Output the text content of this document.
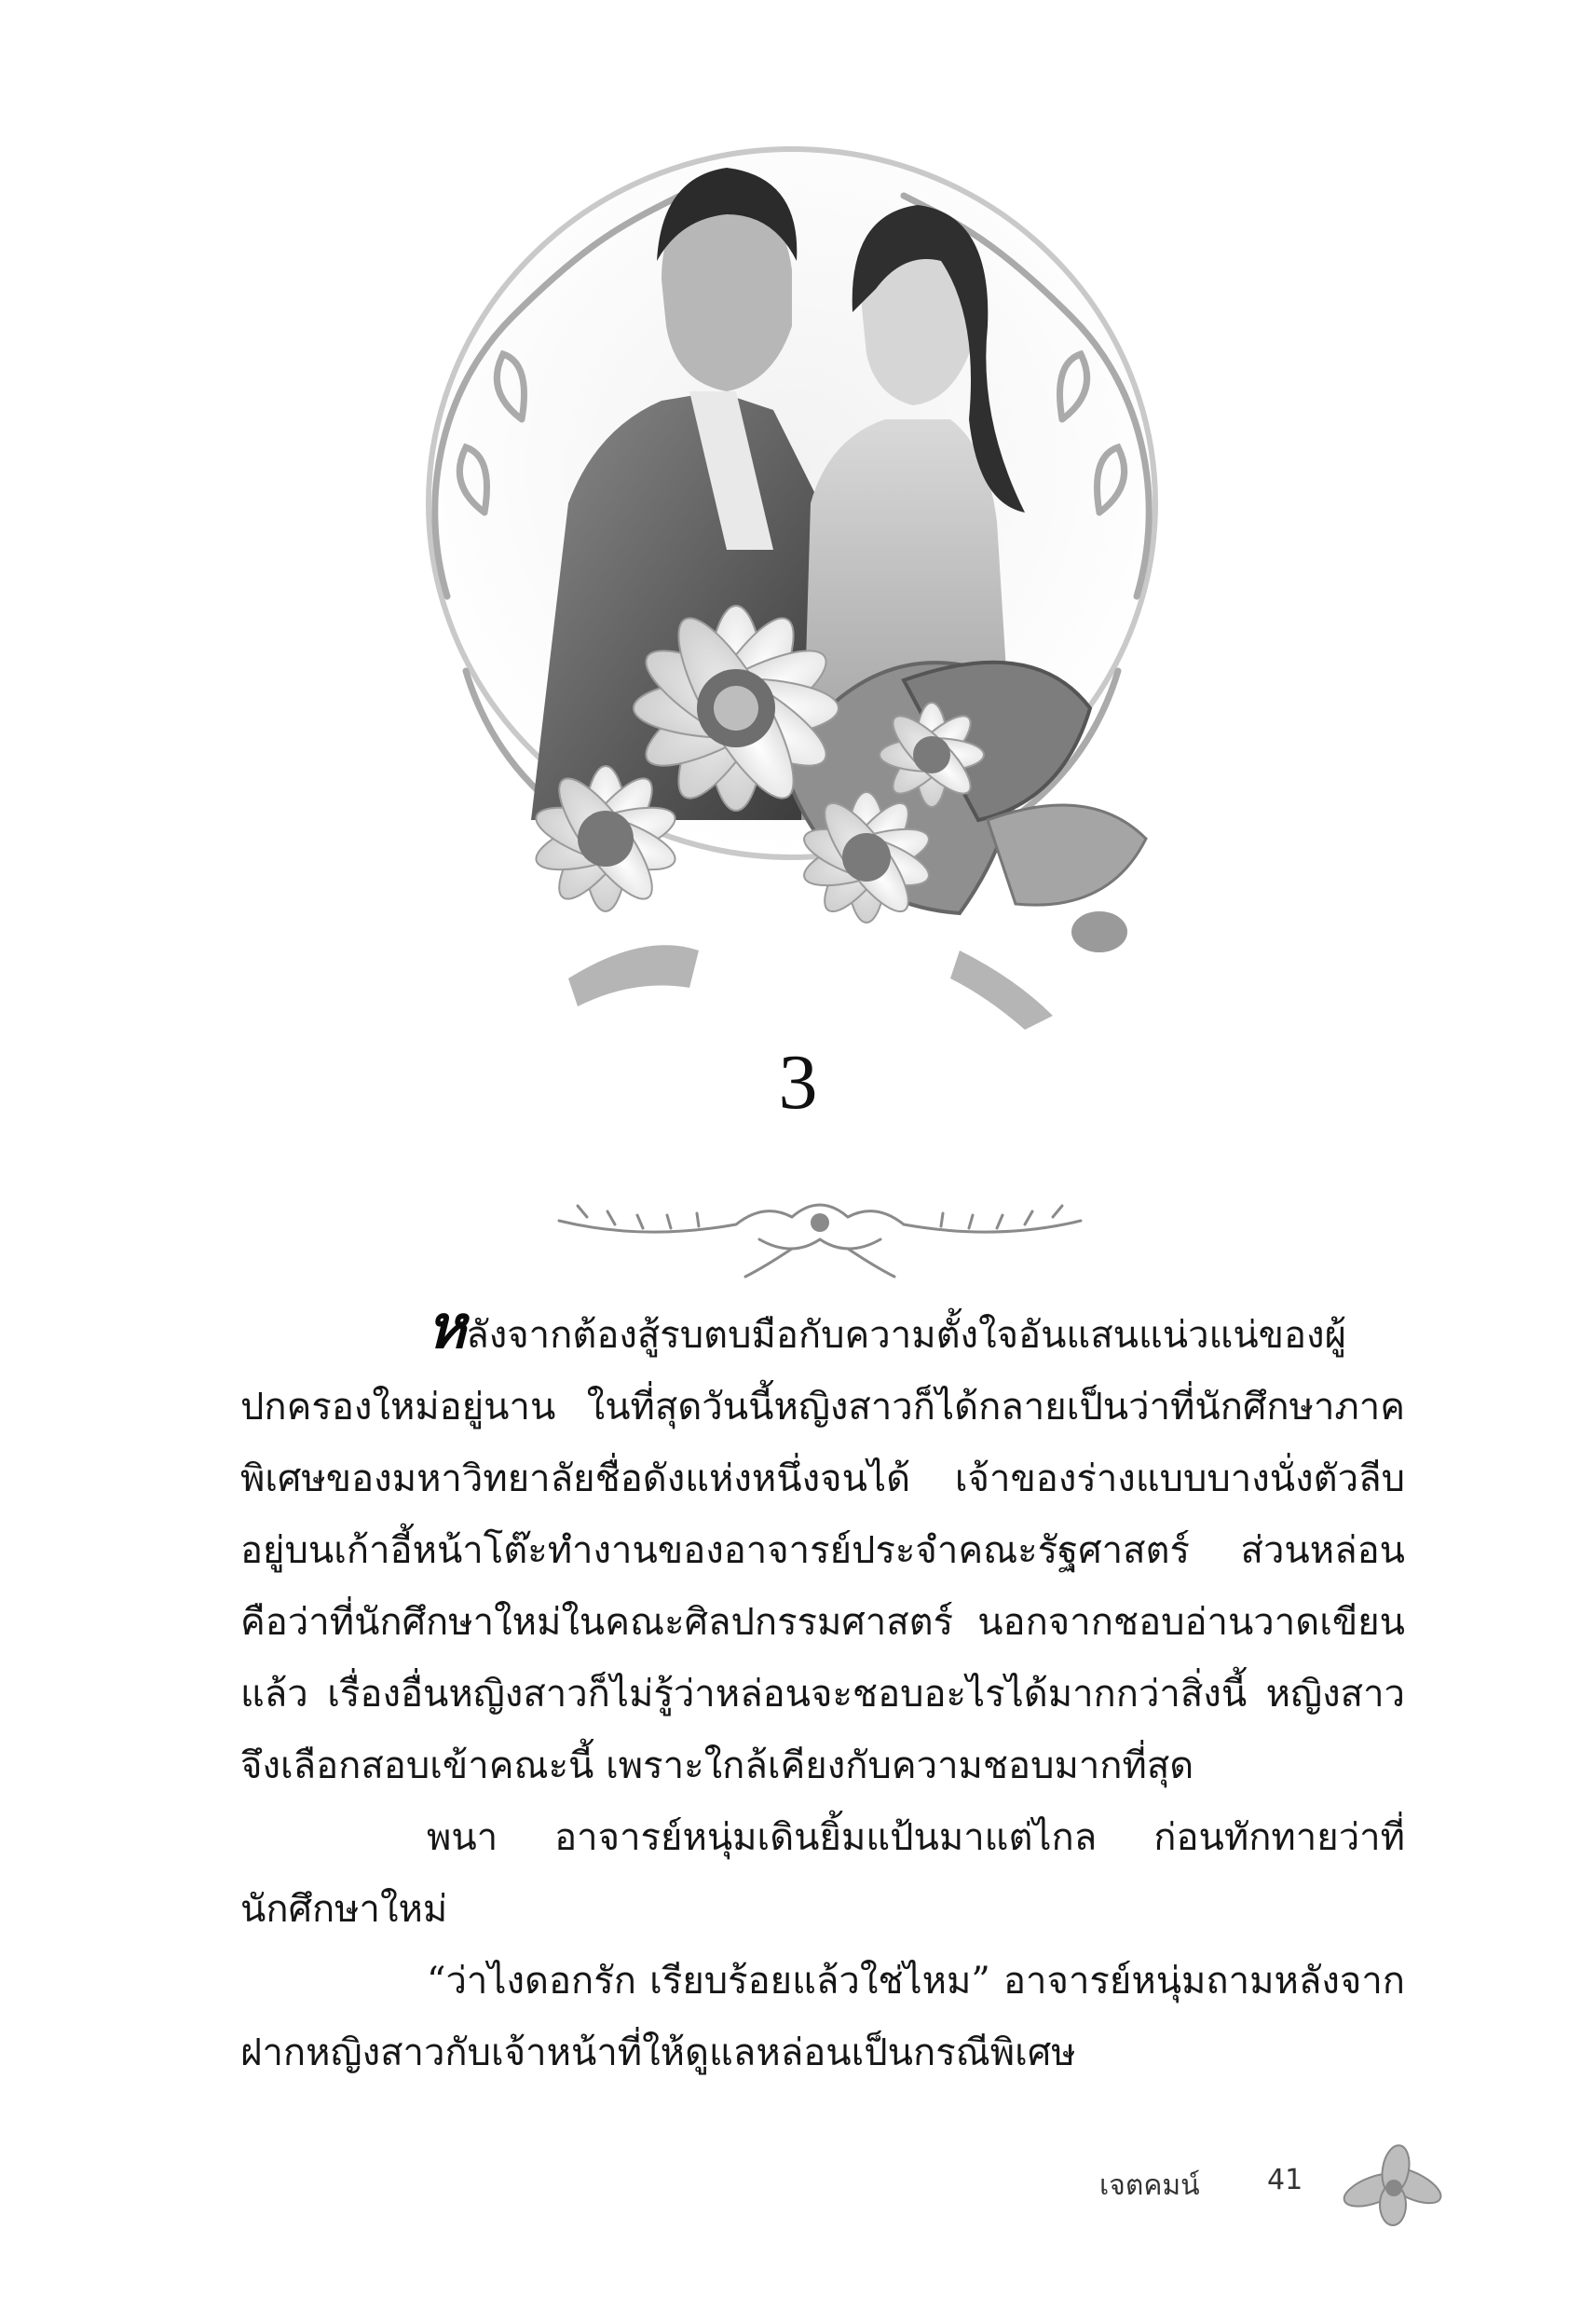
3

หลังจากต้องสู้รบตบมือกับความตั้งใจอันแสนแน่วแน่ของผู้ปกครองใหม่อยู่นาน ในที่สุดวันนี้หญิงสาวก็ได้กลายเป็นว่าที่นักศึกษาภาคพิเศษของมหาวิทยาลัยชื่อดังแห่งหนึ่งจนได้ เจ้าของร่างแบบบางนั่งตัวลีบอยู่บนเก้าอี้หน้าโต๊ะทำงานของอาจารย์ประจำคณะรัฐศาสตร์ ส่วนหล่อนคือว่าที่นักศึกษาใหม่ในคณะศิลปกรรมศาสตร์ นอกจากชอบอ่านวาดเขียนแล้ว เรื่องอื่นหญิงสาวก็ไม่รู้ว่าหล่อนจะชอบอะไรได้มากกว่าสิ่งนี้ หญิงสาวจึงเลือกสอบเข้าคณะนี้ เพราะใกล้เคียงกับความชอบมากที่สุด

พนา อาจารย์หนุ่มเดินยิ้มแป้นมาแต่ไกล ก่อนทักทายว่าที่นักศึกษาใหม่

“ว่าไงดอกรัก เรียบร้อยแล้วใช่ไหม” อาจารย์หนุ่มถามหลังจากฝากหญิงสาวกับเจ้าหน้าที่ให้ดูแลหล่อนเป็นกรณีพิเศษ

เจตคมน์ 41
